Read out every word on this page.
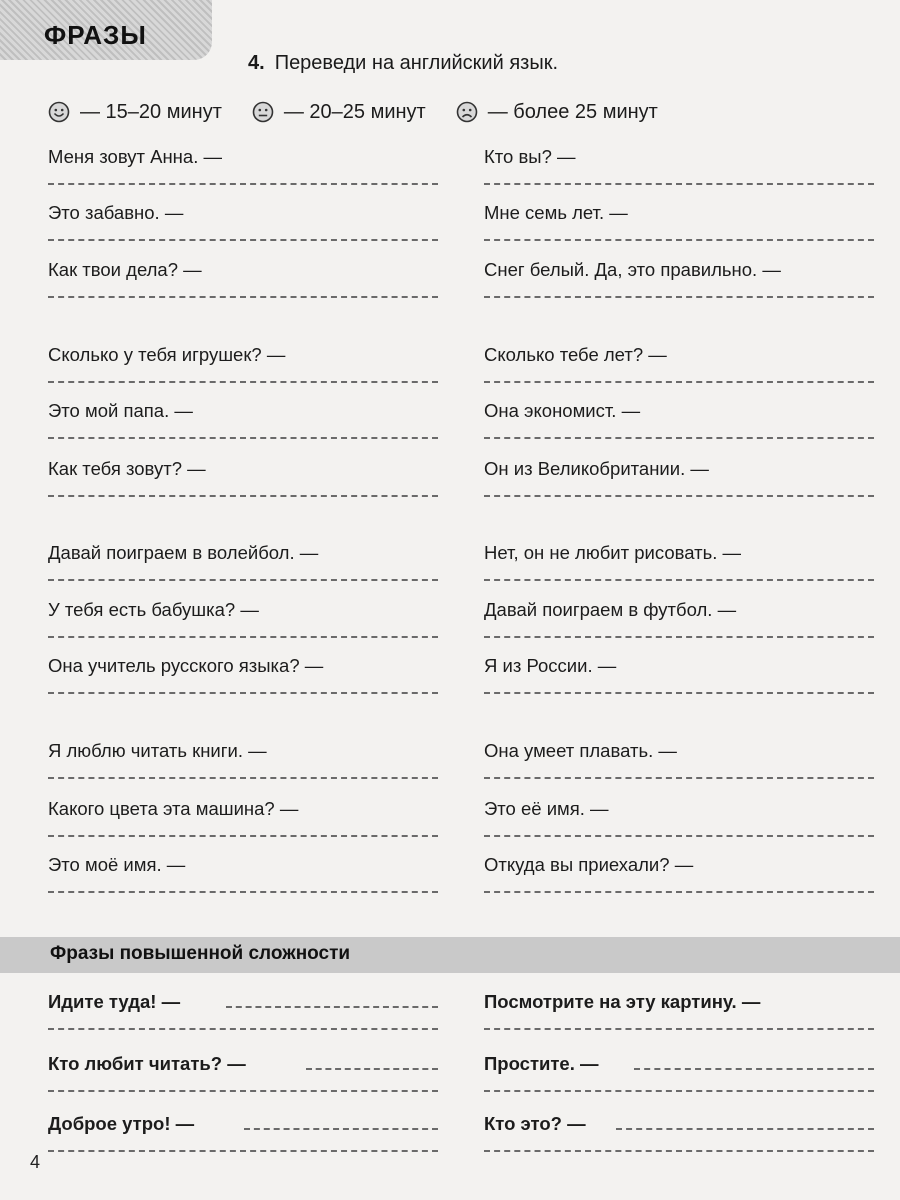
ФРАЗЫ
4. Переведи на английский язык.
— 15–20 минут	— 20–25 минут	— более 25 минут
Меня зовут Анна. —
Это забавно. —
Как твои дела? —
Сколько у тебя игрушек? —
Это мой папа. —
Как тебя зовут? —
Давай поиграем в волейбол. —
У тебя есть бабушка? —
Она учитель русского языка? —
Я люблю читать книги. —
Какого цвета эта машина? —
Это моё имя. —
Кто вы? —
Мне семь лет. —
Снег белый. Да, это правильно. —
Сколько тебе лет? —
Она экономист. —
Он из Великобритании. —
Нет, он не любит рисовать. —
Давай поиграем в футбол. —
Я из России. —
Она умеет плавать. —
Это её имя. —
Откуда вы приехали? —
Фразы повышенной сложности
Идите туда! —
Кто любит читать? —
Доброе утро! —
Посмотрите на эту картину. —
Простите. —
Кто это? —
4
